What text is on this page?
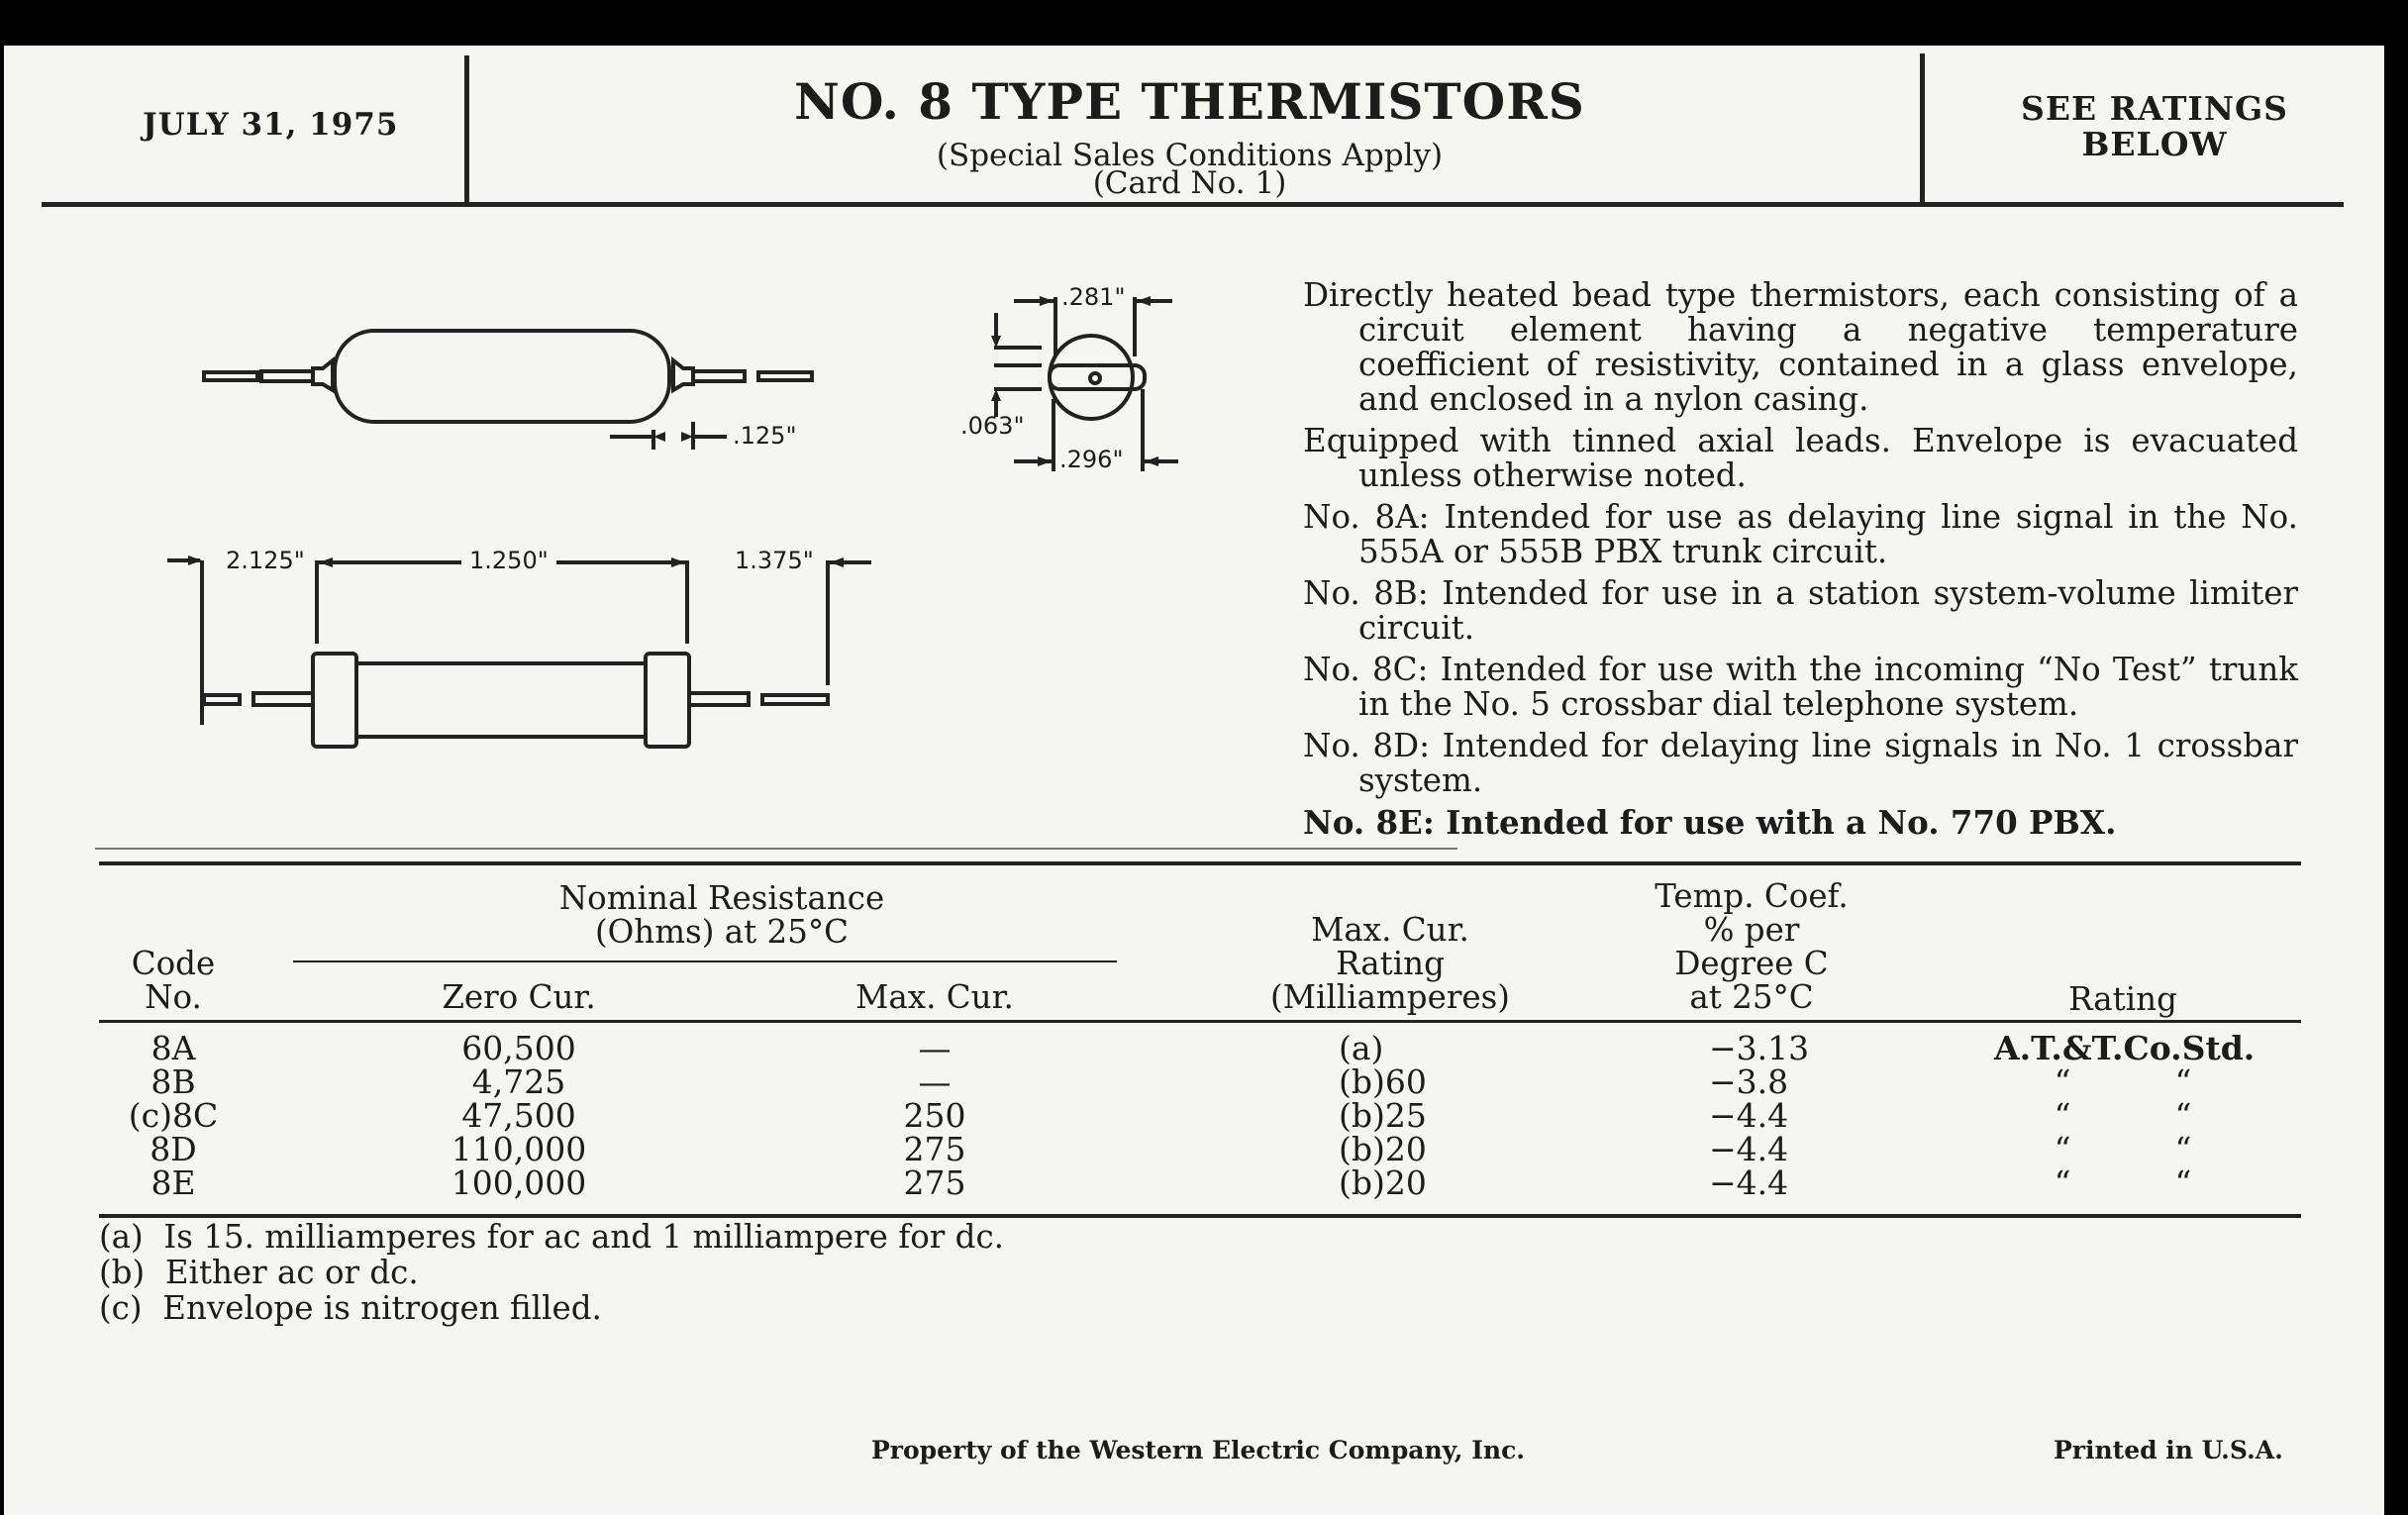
JULY 31, 1975	NO. 8 TYPE THERMISTORS
(Special Sales Conditions Apply)
(Card No. 1)
SEE RATINGS
BELOW
.125"
.281"
.063"
.296"
2.125"	1.250"	1.375"

Directly heated bead type thermistors, each consisting of a circuit element having a negative temperature coefficient of resistivity, contained in a glass envelope, and enclosed in a nylon casing.

Equipped with tinned axial leads. Envelope is evacuated unless otherwise noted.

No. 8A: Intended for use as delaying line signal in the No. 555A or 555B PBX trunk circuit.

No. 8B: Intended for use in a station system-volume limiter circuit.

No. 8C: Intended for use with the incoming “No Test” trunk in the No. 5 crossbar dial telephone system.

No. 8D: Intended for delaying line signals in No. 1 crossbar system.

No. 8E: Intended for use with a No. 770 PBX.

Nominal Resistance
(Ohms) at 25°C
Code
No.	Zero Cur.	Max. Cur.
Max. Cur.
Rating
(Milliamperes)
Temp. Coef.
% per
Degree C
at 25°C	Rating
8A	60,500	—	(a)	−3.13	A.T.&T.Co.Std.
8B	4,725	—	(b)60	−3.8	“          “
(c)8C	47,500	250	(b)25	−4.4	“          “
8D	110,000	275	(b)20	−4.4	“          “
8E	100,000	275	(b)20	−4.4	“          “
(a)  Is 15. milliamperes for ac and 1 milliampere for dc.
(b)  Either ac or dc.
(c)  Envelope is nitrogen filled.
Property of the Western Electric Company, Inc.	Printed in U.S.A.
